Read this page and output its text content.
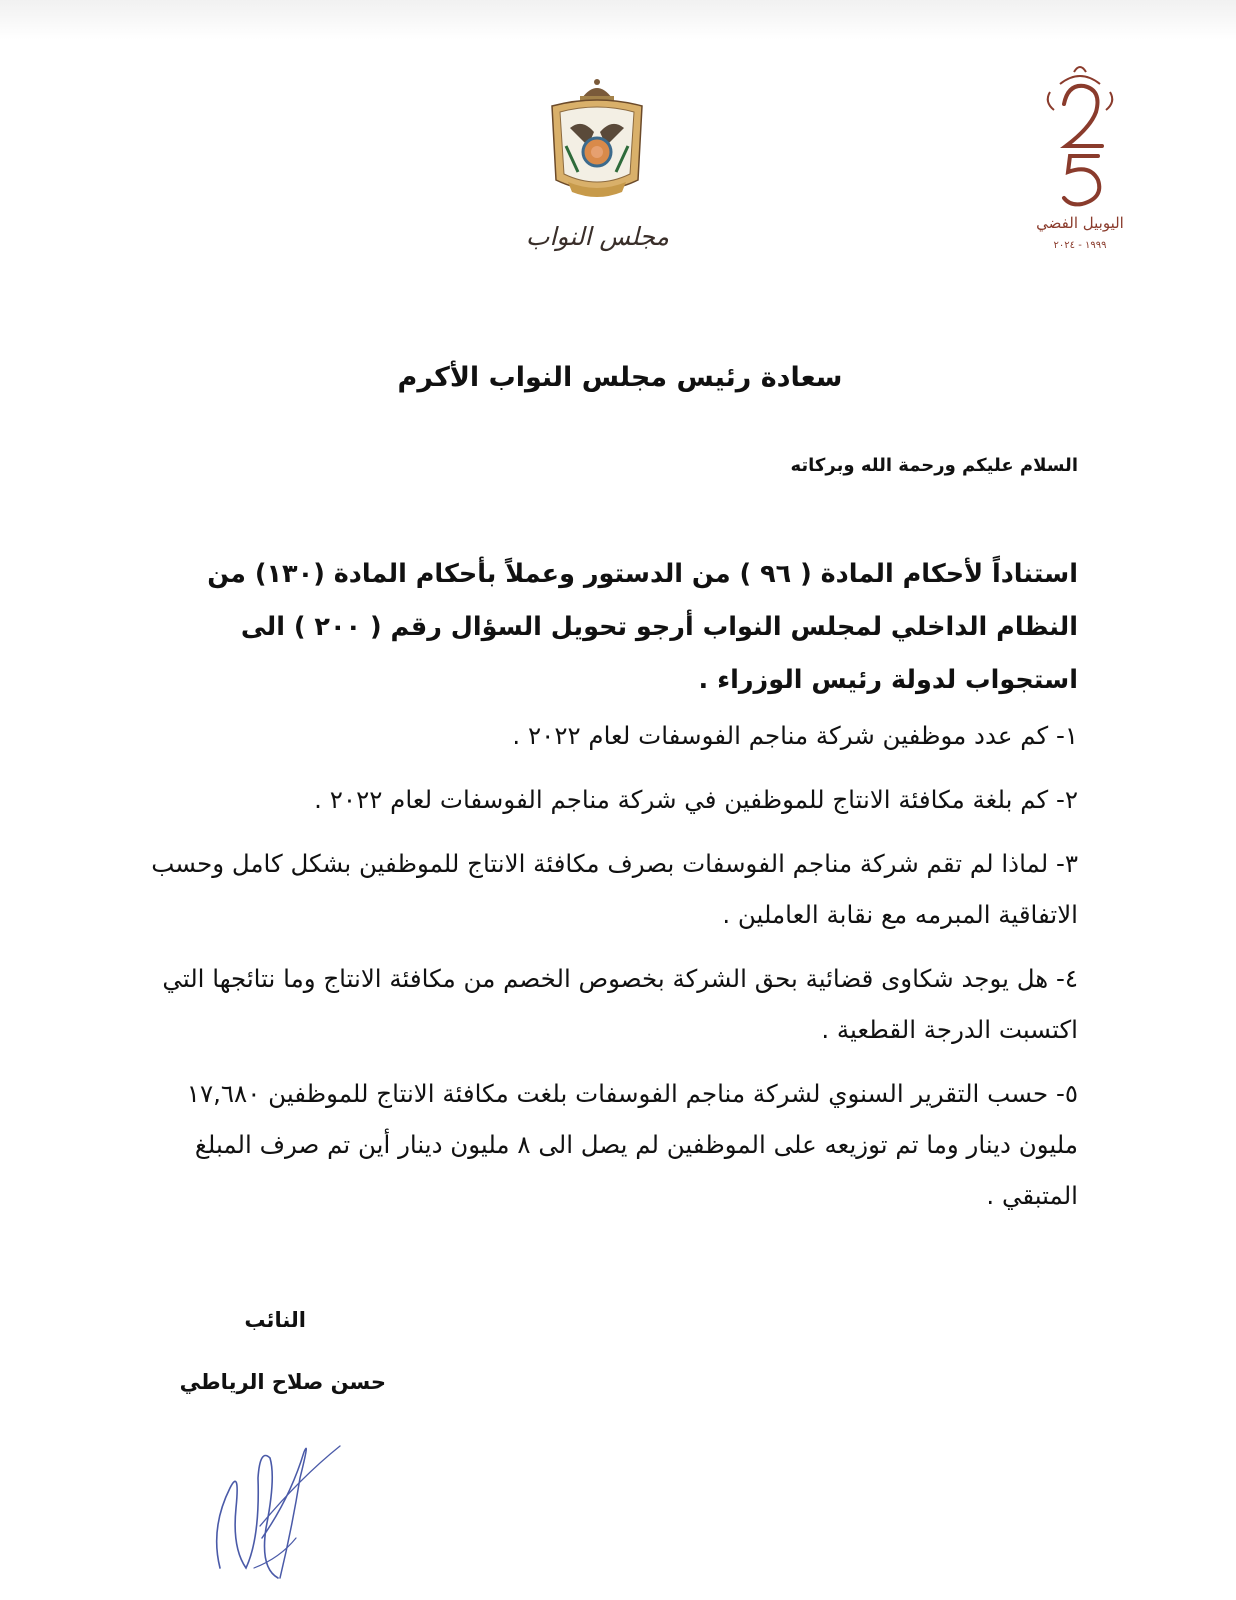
اليوبيل الفضي
١٩٩٩ - ٢٠٢٤
مجلس النواب
سعادة رئيس مجلس النواب الأكرم
السلام عليكم ورحمة الله وبركاته
استناداً لأحكام المادة ( ٩٦ ) من الدستور وعملاً بأحكام المادة (١٣٠) من النظام الداخلي لمجلس النواب أرجو تحويل السؤال رقم ( ٢٠٠ ) الى استجواب لدولة رئيس الوزراء .
١- كم عدد موظفين شركة مناجم الفوسفات لعام ٢٠٢٢ .
٢- كم بلغة مكافئة الانتاج للموظفين في شركة مناجم الفوسفات لعام ٢٠٢٢ .
٣- لماذا لم تقم شركة مناجم الفوسفات بصرف مكافئة الانتاج للموظفين بشكل كامل وحسب الاتفاقية المبرمه مع نقابة العاملين .
٤- هل يوجد شكاوى قضائية بحق الشركة بخصوص الخصم من مكافئة الانتاج وما نتائجها التي اكتسبت الدرجة القطعية .
٥- حسب التقرير السنوي لشركة مناجم الفوسفات بلغت مكافئة الانتاج للموظفين ١٧,٦٨٠ مليون دينار وما تم توزيعه على الموظفين لم يصل الى ٨ مليون دينار أين تم صرف المبلغ المتبقي .
النائب
حسن صلاح الرياطي
